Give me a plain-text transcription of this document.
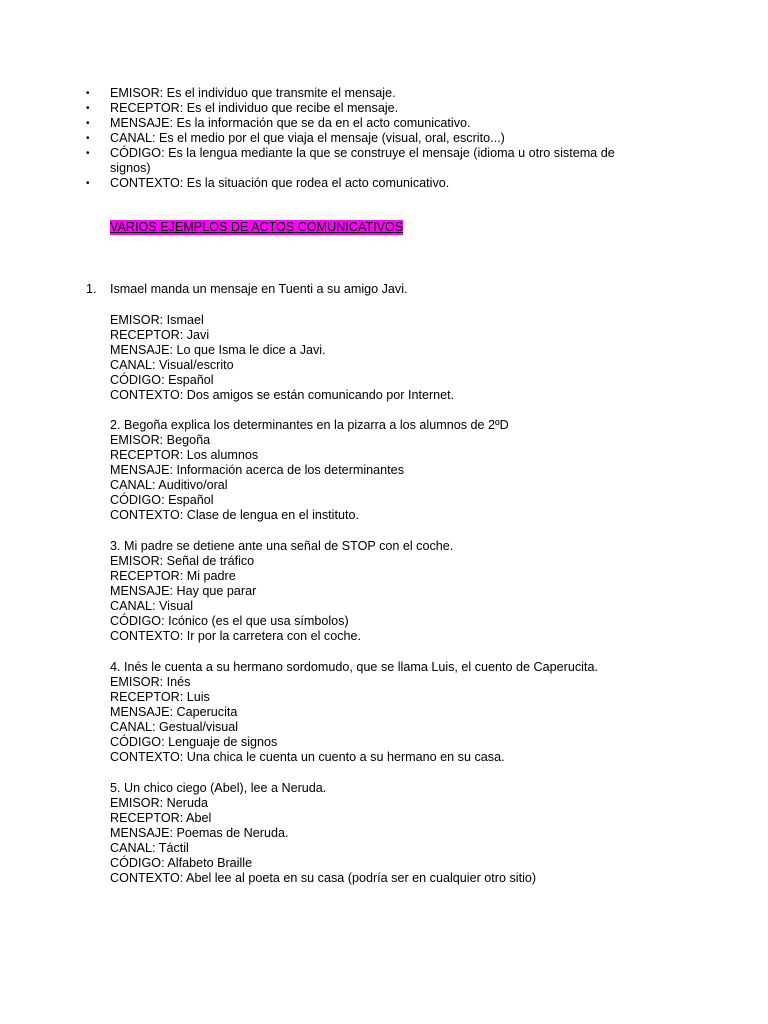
• EMISOR: Es el individuo que transmite el mensaje.
• RECEPTOR: Es el individuo que recibe el mensaje.
• MENSAJE: Es la información que se da en el acto comunicativo.
• CANAL: Es el medio por el que viaja el mensaje (visual, oral, escrito...)
• CÓDIGO: Es la lengua mediante la que se construye el mensaje (idioma u otro sistema de
signos)
• CONTEXTO: Es la situación que rodea el acto comunicativo.
VARIOS EJEMPLOS DE ACTOS COMUNICATIVOS
1. Ismael manda un mensaje en Tuenti a su amigo Javi.
EMISOR: Ismael
RECEPTOR: Javi
MENSAJE: Lo que Isma le dice a Javi.
CANAL: Visual/escrito
CÓDIGO: Español
CONTEXTO: Dos amigos se están comunicando por Internet.
2. Begoña explica los determinantes en la pizarra a los alumnos de 2ºD
EMISOR: Begoña
RECEPTOR: Los alumnos
MENSAJE: Información acerca de los determinantes
CANAL: Auditivo/oral
CÓDIGO: Español
CONTEXTO: Clase de lengua en el instituto.
3. Mi padre se detiene ante una señal de STOP con el coche.
EMISOR: Señal de tráfico
RECEPTOR: Mi padre
MENSAJE: Hay que parar
CANAL: Visual
CÓDIGO: Icónico (es el que usa símbolos)
CONTEXTO: Ir por la carretera con el coche.
4. Inés le cuenta a su hermano sordomudo, que se llama Luis, el cuento de Caperucita.
EMISOR: Inés
RECEPTOR: Luis
MENSAJE: Caperucita
CANAL: Gestual/visual
CÓDIGO: Lenguaje de signos
CONTEXTO: Una chica le cuenta un cuento a su hermano en su casa.
5. Un chico ciego (Abel), lee a Neruda.
EMISOR: Neruda
RECEPTOR: Abel
MENSAJE: Poemas de Neruda.
CANAL: Táctil
CÓDIGO: Alfabeto Braille
CONTEXTO: Abel lee al poeta en su casa (podría ser en cualquier otro sitio)
